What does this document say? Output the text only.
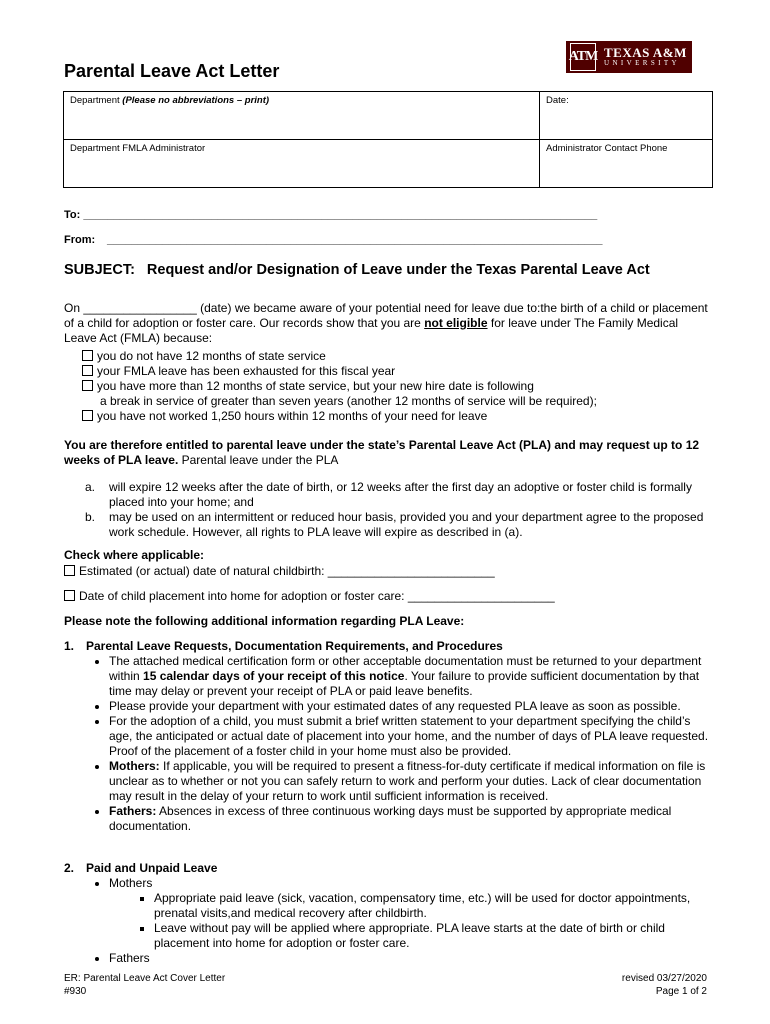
ATM TEXAS A&M
UNIVERSITY
Parental Leave Act Letter
Department (Please no abbreviations – print)	Date:
Department FMLA Administrator	Administrator Contact Phone
To: ____________________________________________________________________________________
From: _________________________________________________________________________________
SUBJECT: Request and/or Designation of Leave under the Texas Parental Leave Act
On _________________ (date) we became aware of your potential need for leave due to:the birth of a child or placement of a child for adoption or foster care. Our records show that you are not eligible for leave under The Family Medical Leave Act (FMLA) because:
you do not have 12 months of state service
your FMLA leave has been exhausted for this fiscal year
you have more than 12 months of state service, but your new hire date is following
a break in service of greater than seven years (another 12 months of service will be required);
you have not worked 1,250 hours within 12 months of your need for leave
You are therefore entitled to parental leave under the state’s Parental Leave Act (PLA) and may request up to 12 weeks of PLA leave. Parental leave under the PLA
a.	will expire 12 weeks after the date of birth, or 12 weeks after the first day an adoptive or foster child is formally placed into your home; and
b.	may be used on an intermittent or reduced hour basis, provided you and your department agree to the proposed work schedule. However, all rights to PLA leave will expire as described in (a).
Check where applicable:
Estimated (or actual) date of natural childbirth: _________________________
Date of child placement into home for adoption or foster care: ______________________
Please note the following additional information regarding PLA Leave:
1. Parental Leave Requests, Documentation Requirements, and Procedures
• The attached medical certification form or other acceptable documentation must be returned to your department within 15 calendar days of your receipt of this notice. Your failure to provide sufficient documentation by that time may delay or prevent your receipt of PLA or paid leave benefits.
• Please provide your department with your estimated dates of any requested PLA leave as soon as possible.
• For the adoption of a child, you must submit a brief written statement to your department specifying the child’s age, the anticipated or actual date of placement into your home, and the number of days of PLA leave requested. Proof of the placement of a foster child in your home must also be provided.
• Mothers: If applicable, you will be required to present a fitness-for-duty certificate if medical information on file is unclear as to whether or not you can safely return to work and perform your duties. Lack of clear documentation may result in the delay of your return to work until sufficient information is received.
• Fathers: Absences in excess of three continuous working days must be supported by appropriate medical documentation.
2. Paid and Unpaid Leave
• Mothers
▪ Appropriate paid leave (sick, vacation, compensatory time, etc.) will be used for doctor appointments, prenatal visits,and medical recovery after childbirth.
▪ Leave without pay will be applied where appropriate. PLA leave starts at the date of birth or child placement into home for adoption or foster care.
• Fathers
ER: Parental Leave Act Cover Letter
#930
revised 03/27/2020
Page 1 of 2
